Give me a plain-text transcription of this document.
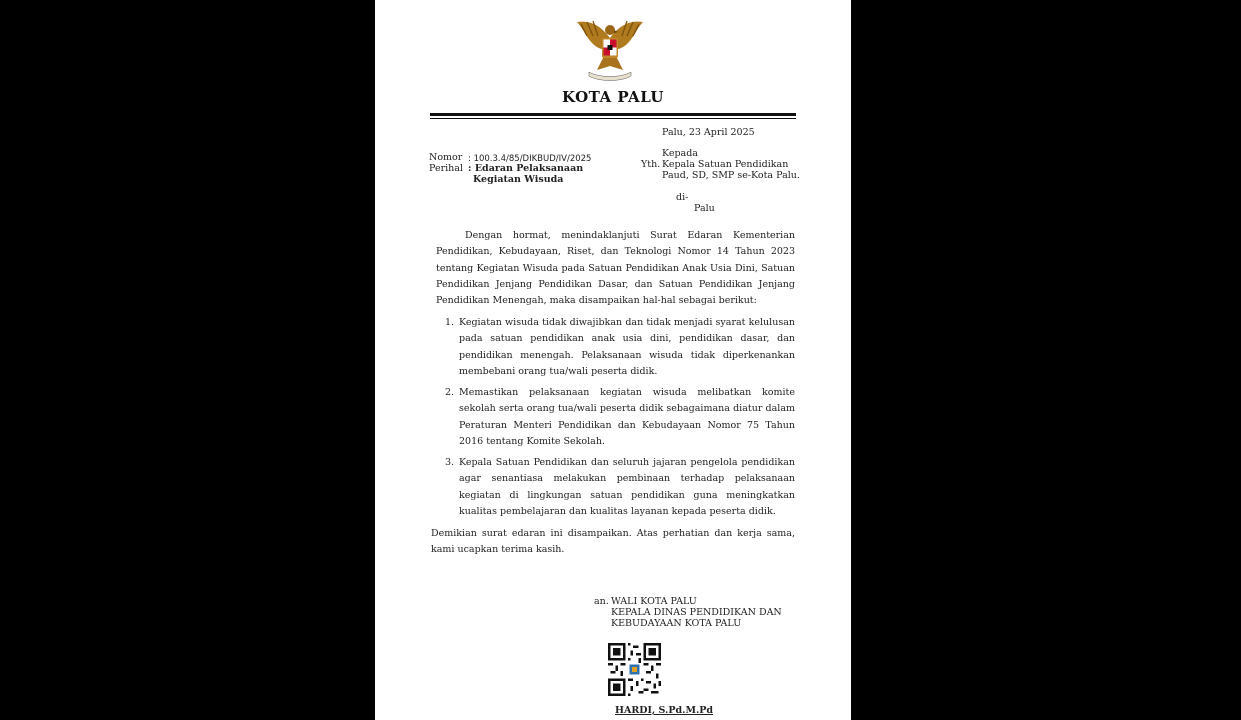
KOTA PALU
Palu, 23 April 2025
Nomor : 100.3.4/85/DIKBUD/IV/2025
Perihal : Edaran Pelaksanaan
Kegiatan Wisuda
Kepada
Yth. Kepala Satuan Pendidikan
Paud, SD, SMP se-Kota Palu.
di-
Palu
Dengan hormat, menindaklanjuti Surat Edaran Kementerian Pendidikan, Kebudayaan, Riset, dan Teknologi Nomor 14 Tahun 2023 tentang Kegiatan Wisuda pada Satuan Pendidikan Anak Usia Dini, Satuan Pendidikan Jenjang Pendidikan Dasar, dan Satuan Pendidikan Jenjang Pendidikan Menengah, maka disampaikan hal-hal sebagai berikut:
1. Kegiatan wisuda tidak diwajibkan dan tidak menjadi syarat kelulusan pada satuan pendidikan anak usia dini, pendidikan dasar, dan pendidikan menengah. Pelaksanaan wisuda tidak diperkenankan membebani orang tua/wali peserta didik.
2. Memastikan pelaksanaan kegiatan wisuda melibatkan komite sekolah serta orang tua/wali peserta didik sebagaimana diatur dalam Peraturan Menteri Pendidikan dan Kebudayaan Nomor 75 Tahun 2016 tentang Komite Sekolah.
3. Kepala Satuan Pendidikan dan seluruh jajaran pengelola pendidikan agar senantiasa melakukan pembinaan terhadap pelaksanaan kegiatan di lingkungan satuan pendidikan guna meningkatkan kualitas pembelajaran dan kualitas layanan kepada peserta didik.
Demikian surat edaran ini disampaikan. Atas perhatian dan kerja sama, kami ucapkan terima kasih.
an. WALI KOTA PALU
KEPALA DINAS PENDIDIKAN DAN
KEBUDAYAAN KOTA PALU
HARDI, S.Pd.M.Pd
